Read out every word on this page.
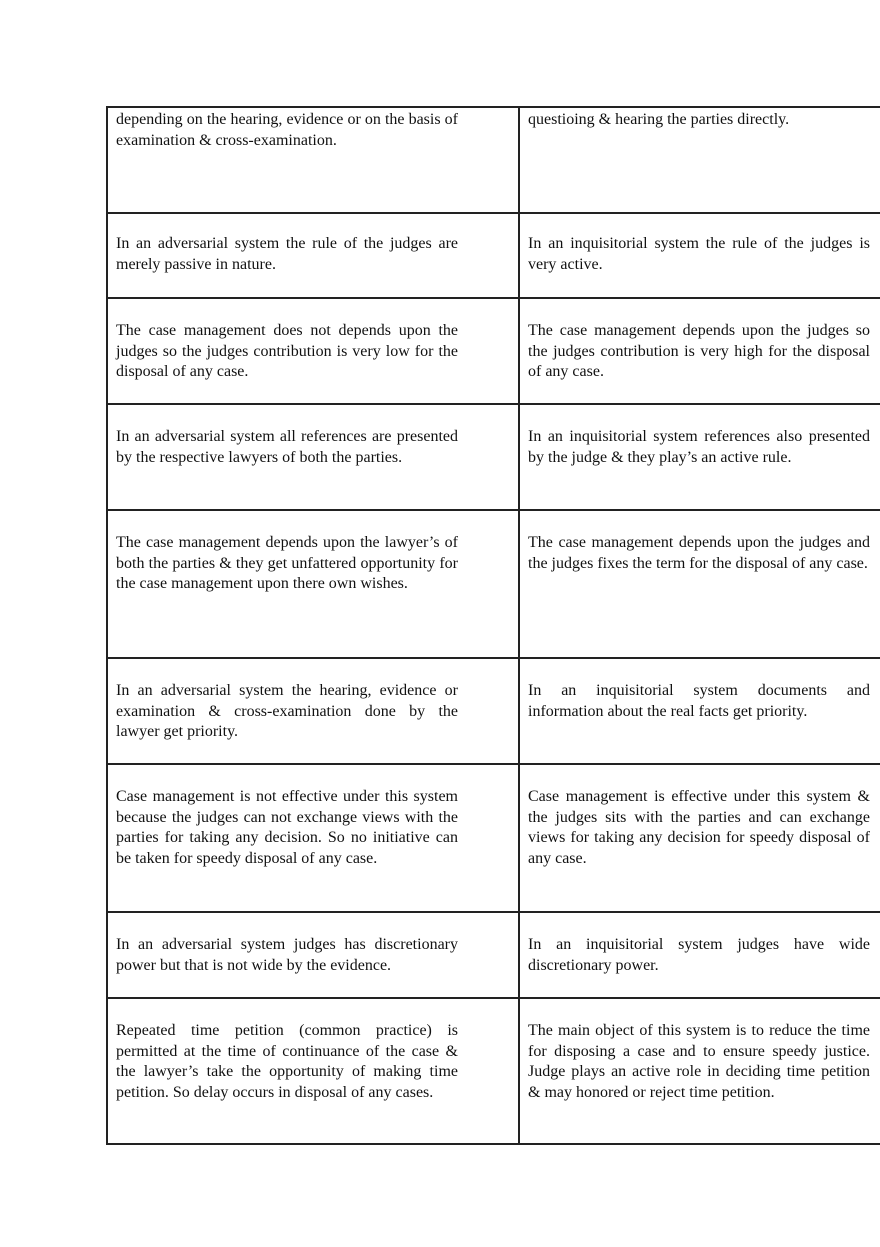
depending on the hearing, evidence or on the basis of examination & cross-examination.	questioing & hearing the parties directly.

In an adversarial system the rule of the judges are merely passive in nature.	In an inquisitorial system the rule of the judges is very active.

The case management does not depends upon the judges so the judges contribution is very low for the disposal of any case.	The case management depends upon the judges so the judges contribution is very high for the disposal of any case.

In an adversarial system all references are presented by the respective lawyers of both the parties.	In an inquisitorial system references also presented by the judge & they play’s an active rule.

The case management depends upon the lawyer’s of both the parties & they get unfattered opportunity for the case management upon there own wishes.	The case management depends upon the judges and the judges fixes the term for the disposal of any case.

In an adversarial system the hearing, evidence or examination & cross-examination done by the lawyer get priority.	In an inquisitorial system documents and information about the real facts get priority.

Case management is not effective under this system because the judges can not exchange views with the parties for taking any decision. So no initiative can be taken for speedy disposal of any case.	Case management is effective under this system & the judges sits with the parties and can exchange views for taking any decision for speedy disposal of any case.

In an adversarial system judges has discretionary power but that is not wide by the evidence.	In an inquisitorial system judges have wide discretionary power.

Repeated time petition (common practice) is permitted at the time of continuance of the case & the lawyer’s take the opportunity of making time petition. So delay occurs in disposal of any cases.	The main object of this system is to reduce the time for disposing a case and to ensure speedy justice. Judge plays an active role in deciding time petition & may honored or reject time petition.
